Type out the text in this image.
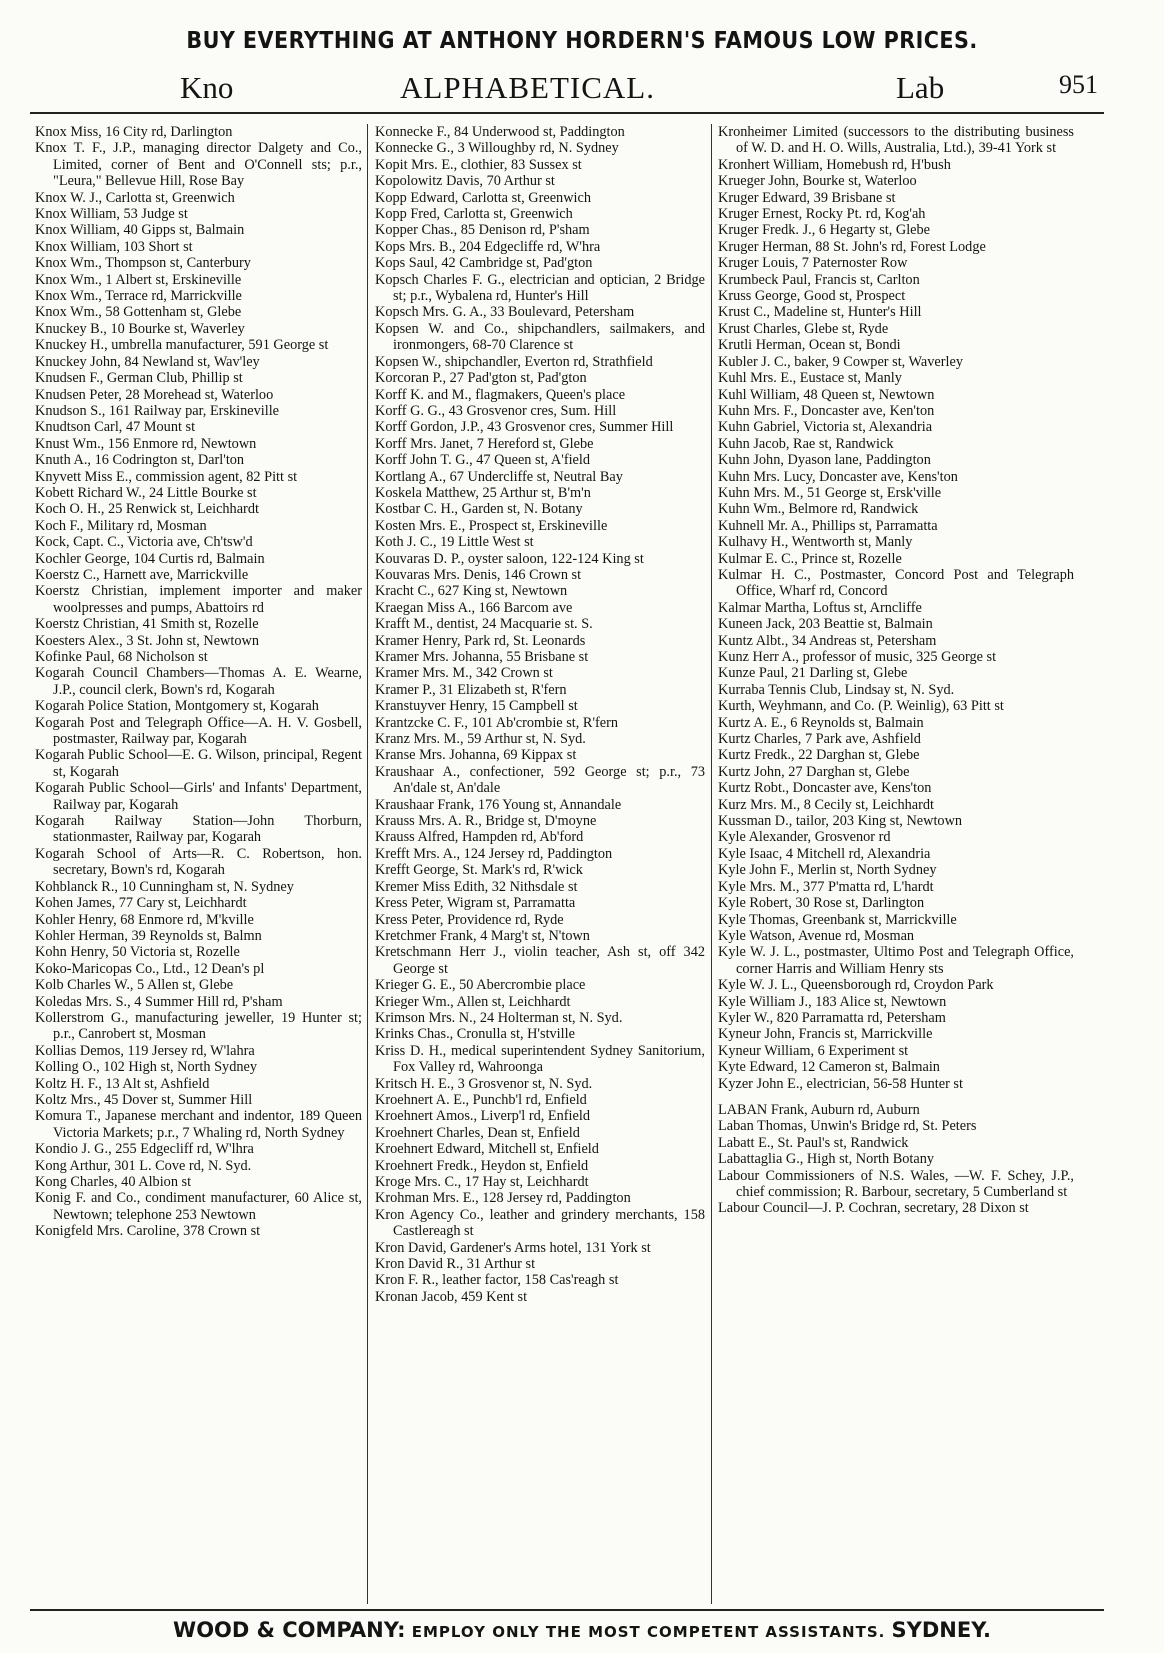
BUY EVERYTHING AT ANTHONY HORDERN'S FAMOUS LOW PRICES.
Kno	ALPHABETICAL.	Lab	951

Knox Miss, 16 City rd, Darlington

Knox T. F., J.P., managing director Dalgety and Co., Limited, corner of Bent and O'Connell sts; p.r., "Leura," Bellevue Hill, Rose Bay

Knox W. J., Carlotta st, Greenwich

Knox William, 53 Judge st

Knox William, 40 Gipps st, Balmain

Knox William, 103 Short st

Knox Wm., Thompson st, Canterbury

Knox Wm., 1 Albert st, Erskineville

Knox Wm., Terrace rd, Marrickville

Knox Wm., 58 Gottenham st, Glebe

Knuckey B., 10 Bourke st, Waverley

Knuckey H., umbrella manufacturer, 591 George st

Knuckey John, 84 Newland st, Wav'ley

Knudsen F., German Club, Phillip st

Knudsen Peter, 28 Morehead st, Waterloo

Knudson S., 161 Railway par, Erskineville

Knudtson Carl, 47 Mount st

Knust Wm., 156 Enmore rd, Newtown

Knuth A., 16 Codrington st, Darl'ton

Knyvett Miss E., commission agent, 82 Pitt st

Kobett Richard W., 24 Little Bourke st

Koch O. H., 25 Renwick st, Leichhardt

Koch F., Military rd, Mosman

Kock, Capt. C., Victoria ave, Ch'tsw'd

Kochler George, 104 Curtis rd, Balmain

Koerstz C., Harnett ave, Marrickville

Koerstz Christian, implement importer and maker woolpresses and pumps, Abattoirs rd

Koerstz Christian, 41 Smith st, Rozelle

Koesters Alex., 3 St. John st, Newtown

Kofinke Paul, 68 Nicholson st

Kogarah Council Chambers—Thomas A. E. Wearne, J.P., council clerk, Bown's rd, Kogarah

Kogarah Police Station, Montgomery st, Kogarah

Kogarah Post and Telegraph Office—A. H. V. Gosbell, postmaster, Railway par, Kogarah

Kogarah Public School—E. G. Wilson, principal, Regent st, Kogarah

Kogarah Public School—Girls' and Infants' Department, Railway par, Kogarah

Kogarah Railway Station—John Thorburn, stationmaster, Railway par, Kogarah

Kogarah School of Arts—R. C. Robertson, hon. secretary, Bown's rd, Kogarah

Kohblanck R., 10 Cunningham st, N. Sydney

Kohen James, 77 Cary st, Leichhardt

Kohler Henry, 68 Enmore rd, M'kville

Kohler Herman, 39 Reynolds st, Balmn

Kohn Henry, 50 Victoria st, Rozelle

Koko-Maricopas Co., Ltd., 12 Dean's pl

Kolb Charles W., 5 Allen st, Glebe

Koledas Mrs. S., 4 Summer Hill rd, P'sham

Kollerstrom G., manufacturing jeweller, 19 Hunter st; p.r., Canrobert st, Mosman

Kollias Demos, 119 Jersey rd, W'lahra

Kolling O., 102 High st, North Sydney

Koltz H. F., 13 Alt st, Ashfield

Koltz Mrs., 45 Dover st, Summer Hill

Komura T., Japanese merchant and indentor, 189 Queen Victoria Markets; p.r., 7 Whaling rd, North Sydney

Kondio J. G., 255 Edgecliff rd, W'lhra

Kong Arthur, 301 L. Cove rd, N. Syd.

Kong Charles, 40 Albion st

Konig F. and Co., condiment manufacturer, 60 Alice st, Newtown; telephone 253 Newtown

Konigfeld Mrs. Caroline, 378 Crown st

Konnecke F., 84 Underwood st, Paddington

Konnecke G., 3 Willoughby rd, N. Sydney

Kopit Mrs. E., clothier, 83 Sussex st

Kopolowitz Davis, 70 Arthur st

Kopp Edward, Carlotta st, Greenwich

Kopp Fred, Carlotta st, Greenwich

Kopper Chas., 85 Denison rd, P'sham

Kops Mrs. B., 204 Edgecliffe rd, W'hra

Kops Saul, 42 Cambridge st, Pad'gton

Kopsch Charles F. G., electrician and optician, 2 Bridge st; p.r., Wybalena rd, Hunter's Hill

Kopsch Mrs. G. A., 33 Boulevard, Petersham

Kopsen W. and Co., shipchandlers, sailmakers, and ironmongers, 68-70 Clarence st

Kopsen W., shipchandler, Everton rd, Strathfield

Korcoran P., 27 Pad'gton st, Pad'gton

Korff K. and M., flagmakers, Queen's place

Korff G. G., 43 Grosvenor cres, Sum. Hill

Korff Gordon, J.P., 43 Grosvenor cres, Summer Hill

Korff Mrs. Janet, 7 Hereford st, Glebe

Korff John T. G., 47 Queen st, A'field

Kortlang A., 67 Undercliffe st, Neutral Bay

Koskela Matthew, 25 Arthur st, B'm'n

Kostbar C. H., Garden st, N. Botany

Kosten Mrs. E., Prospect st, Erskineville

Koth J. C., 19 Little West st

Kouvaras D. P., oyster saloon, 122-124 King st

Kouvaras Mrs. Denis, 146 Crown st

Kracht C., 627 King st, Newtown

Kraegan Miss A., 166 Barcom ave

Krafft M., dentist, 24 Macquarie st. S.

Kramer Henry, Park rd, St. Leonards

Kramer Mrs. Johanna, 55 Brisbane st

Kramer Mrs. M., 342 Crown st

Kramer P., 31 Elizabeth st, R'fern

Kranstuyver Henry, 15 Campbell st

Krantzcke C. F., 101 Ab'crombie st, R'fern

Kranz Mrs. M., 59 Arthur st, N. Syd.

Kranse Mrs. Johanna, 69 Kippax st

Kraushaar A., confectioner, 592 George st; p.r., 73 An'dale st, An'dale

Kraushaar Frank, 176 Young st, Annandale

Krauss Mrs. A. R., Bridge st, D'moyne

Krauss Alfred, Hampden rd, Ab'ford

Krefft Mrs. A., 124 Jersey rd, Paddington

Krefft George, St. Mark's rd, R'wick

Kremer Miss Edith, 32 Nithsdale st

Kress Peter, Wigram st, Parramatta

Kress Peter, Providence rd, Ryde

Kretchmer Frank, 4 Marg't st, N'town

Kretschmann Herr J., violin teacher, Ash st, off 342 George st

Krieger G. E., 50 Abercrombie place

Krieger Wm., Allen st, Leichhardt

Krimson Mrs. N., 24 Holterman st, N. Syd.

Krinks Chas., Cronulla st, H'stville

Kriss D. H., medical superintendent Sydney Sanitorium, Fox Valley rd, Wahroonga

Kritsch H. E., 3 Grosvenor st, N. Syd.

Kroehnert A. E., Punchb'l rd, Enfield

Kroehnert Amos., Liverp'l rd, Enfield

Kroehnert Charles, Dean st, Enfield

Kroehnert Edward, Mitchell st, Enfield

Kroehnert Fredk., Heydon st, Enfield

Kroge Mrs. C., 17 Hay st, Leichhardt

Krohman Mrs. E., 128 Jersey rd, Paddington

Kron Agency Co., leather and grindery merchants, 158 Castlereagh st

Kron David, Gardener's Arms hotel, 131 York st

Kron David R., 31 Arthur st

Kron F. R., leather factor, 158 Cas'reagh st

Kronan Jacob, 459 Kent st

Kronheimer Limited (successors to the distributing business of W. D. and H. O. Wills, Australia, Ltd.), 39-41 York st

Kronhert William, Homebush rd, H'bush

Krueger John, Bourke st, Waterloo

Kruger Edward, 39 Brisbane st

Kruger Ernest, Rocky Pt. rd, Kog'ah

Kruger Fredk. J., 6 Hegarty st, Glebe

Kruger Herman, 88 St. John's rd, Forest Lodge

Kruger Louis, 7 Paternoster Row

Krumbeck Paul, Francis st, Carlton

Kruss George, Good st, Prospect

Krust C., Madeline st, Hunter's Hill

Krust Charles, Glebe st, Ryde

Krutli Herman, Ocean st, Bondi

Kubler J. C., baker, 9 Cowper st, Waverley

Kuhl Mrs. E., Eustace st, Manly

Kuhl William, 48 Queen st, Newtown

Kuhn Mrs. F., Doncaster ave, Ken'ton

Kuhn Gabriel, Victoria st, Alexandria

Kuhn Jacob, Rae st, Randwick

Kuhn John, Dyason lane, Paddington

Kuhn Mrs. Lucy, Doncaster ave, Kens'ton

Kuhn Mrs. M., 51 George st, Ersk'ville

Kuhn Wm., Belmore rd, Randwick

Kuhnell Mr. A., Phillips st, Parramatta

Kulhavy H., Wentworth st, Manly

Kulmar E. C., Prince st, Rozelle

Kulmar H. C., Postmaster, Concord Post and Telegraph Office, Wharf rd, Concord

Kalmar Martha, Loftus st, Arncliffe

Kuneen Jack, 203 Beattie st, Balmain

Kuntz Albt., 34 Andreas st, Petersham

Kunz Herr A., professor of music, 325 George st

Kunze Paul, 21 Darling st, Glebe

Kurraba Tennis Club, Lindsay st, N. Syd.

Kurth, Weyhmann, and Co. (P. Weinlig), 63 Pitt st

Kurtz A. E., 6 Reynolds st, Balmain

Kurtz Charles, 7 Park ave, Ashfield

Kurtz Fredk., 22 Darghan st, Glebe

Kurtz John, 27 Darghan st, Glebe

Kurtz Robt., Doncaster ave, Kens'ton

Kurz Mrs. M., 8 Cecily st, Leichhardt

Kussman D., tailor, 203 King st, Newtown

Kyle Alexander, Grosvenor rd

Kyle Isaac, 4 Mitchell rd, Alexandria

Kyle John F., Merlin st, North Sydney

Kyle Mrs. M., 377 P'matta rd, L'hardt

Kyle Robert, 30 Rose st, Darlington

Kyle Thomas, Greenbank st, Marrickville

Kyle Watson, Avenue rd, Mosman

Kyle W. J. L., postmaster, Ultimo Post and Telegraph Office, corner Harris and William Henry sts

Kyle W. J. L., Queensborough rd, Croydon Park

Kyle William J., 183 Alice st, Newtown

Kyler W., 820 Parramatta rd, Petersham

Kyneur John, Francis st, Marrickville

Kyneur William, 6 Experiment st

Kyte Edward, 12 Cameron st, Balmain

Kyzer John E., electrician, 56-58 Hunter st

LABAN Frank, Auburn rd, Auburn

Laban Thomas, Unwin's Bridge rd, St. Peters

Labatt E., St. Paul's st, Randwick

Labattaglia G., High st, North Botany

Labour Commissioners of N.S. Wales, —W. F. Schey, J.P., chief commission; R. Barbour, secretary, 5 Cumberland st

Labour Council—J. P. Cochran, secretary, 28 Dixon st

WOOD & COMPANY: EMPLOY ONLY THE MOST COMPETENT ASSISTANTS. SYDNEY.
